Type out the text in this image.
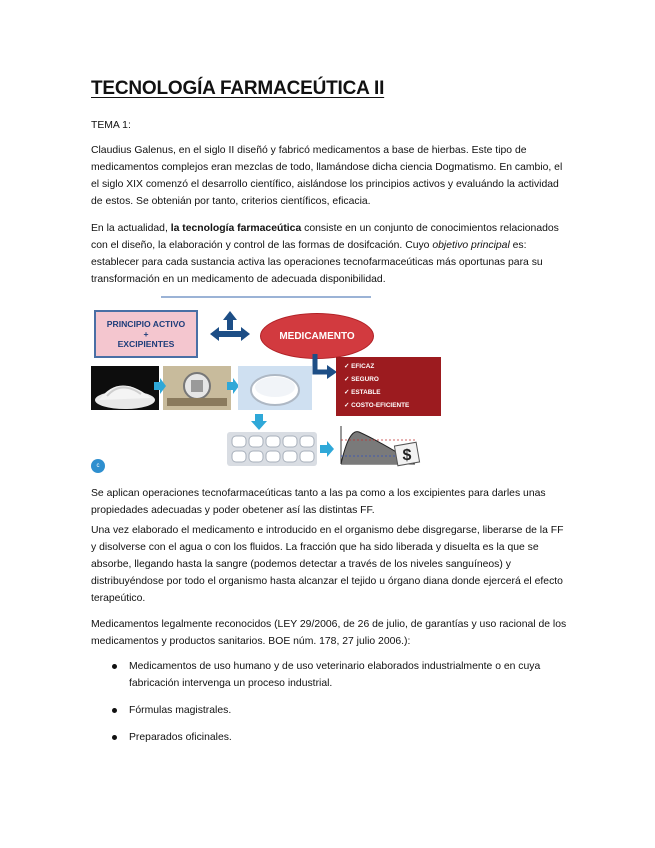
TECNOLOGÍA FARMACEÚTICA II

TEMA 1:

Claudius Galenus, en el siglo II diseñó y fabricó medicamentos a base de hierbas. Este tipo de medicamentos complejos eran mezclas de todo, llamándose dicha ciencia Dogmatismo. En cambio, el el siglo XIX comenzó el desarrollo científico, aislándose los principios activos y evaluándo la actividad de estos. Se obtenián por tanto, criterios científicos, eficacia.

En la actualidad, la tecnología farmaceútica consiste en un conjunto de conocimientos relacionados con el diseño, la elaboración y control de las formas de dosifcación. Cuyo objetivo principal es: establecer para cada sustancia activa las operaciones tecnofarmaceúticas más oportunas para su transformación en un medicamento de adecuada disponibilidad.

PRINCIPIO ACTIVO
+
EXCIPIENTES
MEDICAMENTO
✓ EFICAZ
✓ SEGURO
✓ ESTABLE
✓ COSTO-EFICIENTE
$
c

Se aplican operaciones tecnofarmaceúticas tanto a las pa como a los excipientes para darles unas propiedades adecuadas y poder obetener así las distintas FF.

Una vez elaborado el medicamento e introducido en el organismo debe disgregarse, liberarse de la FF y disolverse con el agua o con los fluidos. La fracción que ha sido liberada y disuelta es la que se absorbe, llegando hasta la sangre (podemos detectar a través de los niveles sanguíneos) y distribuyéndose por todo el organismo hasta alcanzar el tejido u órgano diana donde ejercerá el efecto terapeútico.

Medicamentos legalmente reconocidos (LEY 29/2006, de 26 de julio, de garantías y uso racional de los medicamentos y productos sanitarios. BOE núm. 178, 27 julio 2006.):

Medicamentos de uso humano y de uso veterinario elaborados industrialmente o en cuya fabricación intervenga un proceso industrial.
Fórmulas magistrales.
Preparados oficinales.
